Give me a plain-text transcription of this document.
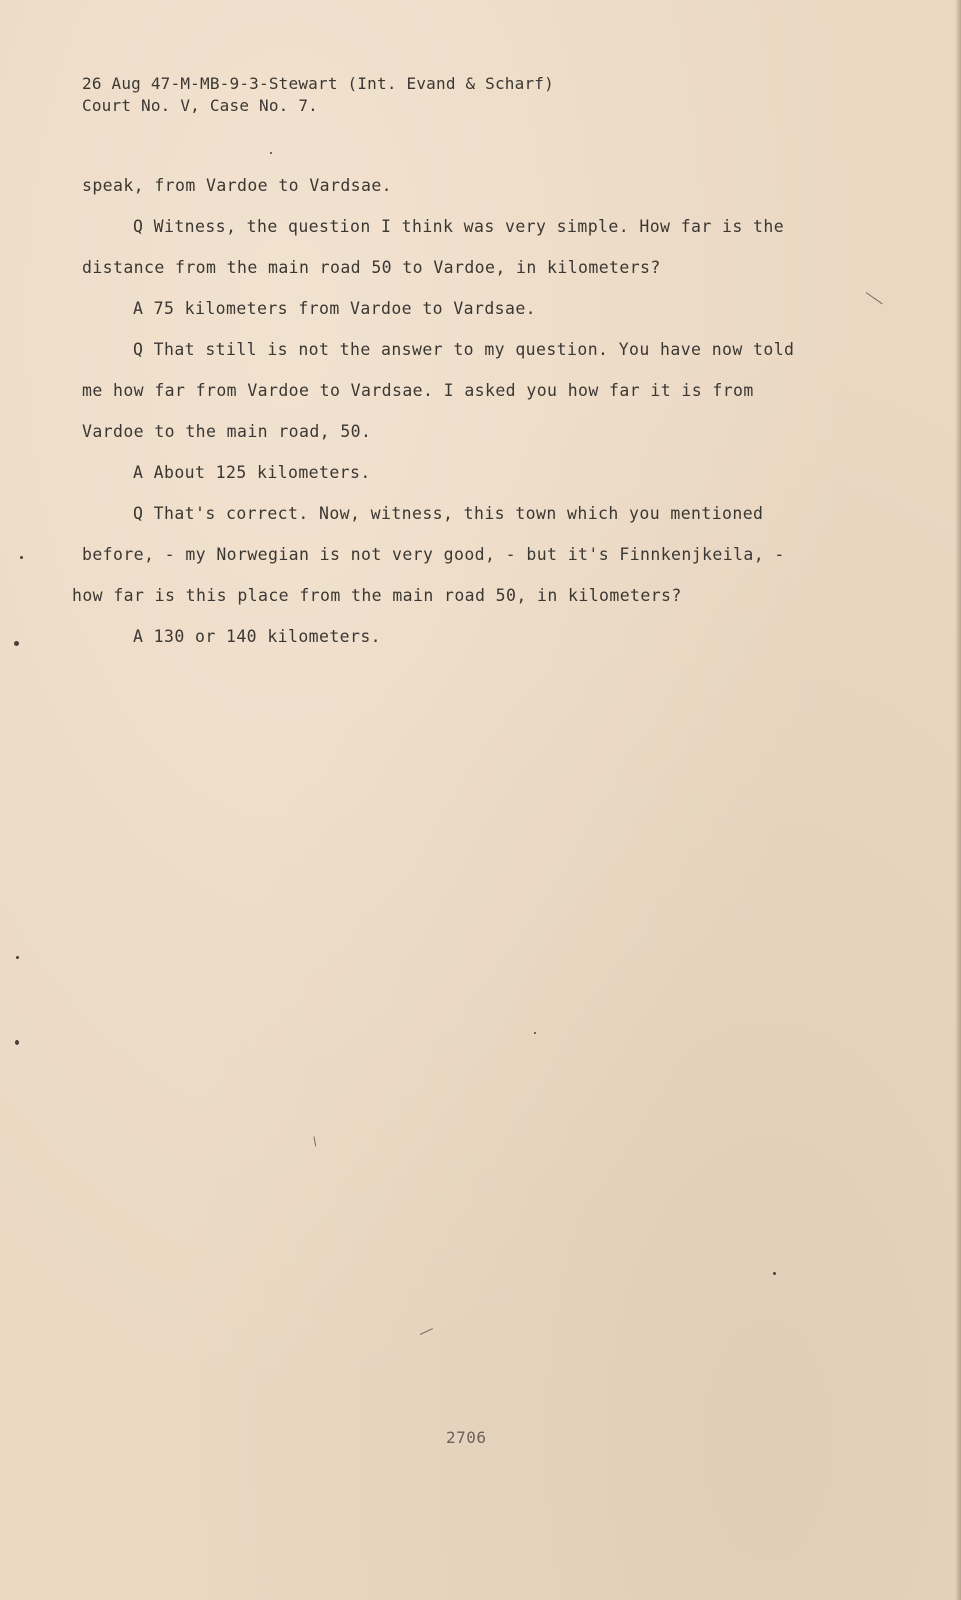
26 Aug 47-M-MB-9-3-Stewart (Int. Evand & Scharf)
Court No. V, Case No. 7.
speak, from Vardoe to Vardsae.
Q Witness, the question I think was very simple. How far is the
distance from the main road 50 to Vardoe, in kilometers?
A 75 kilometers from Vardoe to Vardsae.
Q That still is not the answer to my question. You have now told
me how far from Vardoe to Vardsae. I asked you how far it is from
Vardoe to the main road, 50.
A About 125 kilometers.
Q That's correct. Now, witness, this town which you mentioned
before, - my Norwegian is not very good, - but it's Finnkenjkeila, -
how far is this place from the main road 50, in kilometers?
A 130 or 140 kilometers.
2706
